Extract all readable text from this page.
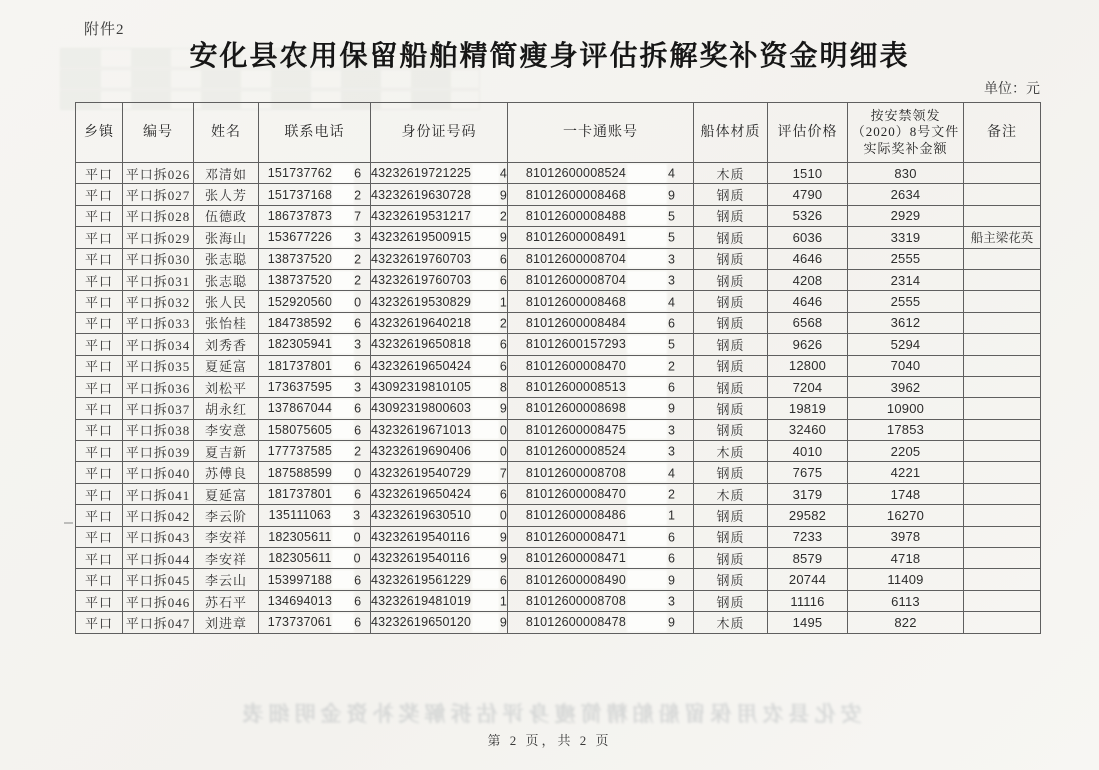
附件2
安化县农用保留船舶精简瘦身评估拆解奖补资金明细表
单位：元
乡镇	编号	姓名	联系电话	身份证号码	一卡通账号	船体材质	评估价格	按安禁领发（2020）8号文件实际奖补金额	备注
平口	平口拆026	邓清如	151737762 6	43232619721225 4	81012600008524 4	木质	1510	830	
平口	平口拆027	张人芳	151737168 2	43232619630728 9	81012600008468 9	钢质	4790	2634	
平口	平口拆028	伍德政	186737873 7	43232619531217 2	81012600008488 5	钢质	5326	2929	
平口	平口拆029	张海山	153677226 3	43232619500915 9	81012600008491 5	钢质	6036	3319	船主梁花英
平口	平口拆030	张志聪	138737520 2	43232619760703 6	81012600008704 3	钢质	4646	2555	
平口	平口拆031	张志聪	138737520 2	43232619760703 6	81012600008704 3	钢质	4208	2314	
平口	平口拆032	张人民	152920560 0	43232619530829 1	81012600008468 4	钢质	4646	2555	
平口	平口拆033	张怡桂	184738592 6	43232619640218 2	81012600008484 6	钢质	6568	3612	
平口	平口拆034	刘秀香	182305941 3	43232619650818 6	81012600157293 5	钢质	9626	5294	
平口	平口拆035	夏延富	181737801 6	43232619650424 6	81012600008470 2	钢质	12800	7040	
平口	平口拆036	刘松平	173637595 3	43092319810105 8	81012600008513 6	钢质	7204	3962	
平口	平口拆037	胡永红	137867044 6	43092319800603 9	81012600008698 9	钢质	19819	10900	
平口	平口拆038	李安意	158075605 6	43232619671013 0	81012600008475 3	钢质	32460	17853	
平口	平口拆039	夏吉新	177737585 2	43232619690406 0	81012600008524 3	木质	4010	2205	
平口	平口拆040	苏傅良	187588599 0	43232619540729 7	81012600008708 4	钢质	7675	4221	
平口	平口拆041	夏延富	181737801 6	43232619650424 6	81012600008470 2	木质	3179	1748	
平口	平口拆042	李云阶	135111063 3	43232619630510 0	81012600008486 1	钢质	29582	16270	
平口	平口拆043	李安祥	182305611 0	43232619540116 9	81012600008471 6	钢质	7233	3978	
平口	平口拆044	李安祥	182305611 0	43232619540116 9	81012600008471 6	钢质	8579	4718	
平口	平口拆045	李云山	153997188 6	43232619561229 6	81012600008490 9	钢质	20744	11409	
平口	平口拆046	苏石平	134694013 6	43232619481019 1	81012600008708 3	钢质	11116	6113	
平口	平口拆047	刘进章	173737061 6	43232619650120 9	81012600008478 9	木质	1495	822	
安化县农用保留船舶精简瘦身评估拆解奖补资金明细表
第 2 页，共 2 页
